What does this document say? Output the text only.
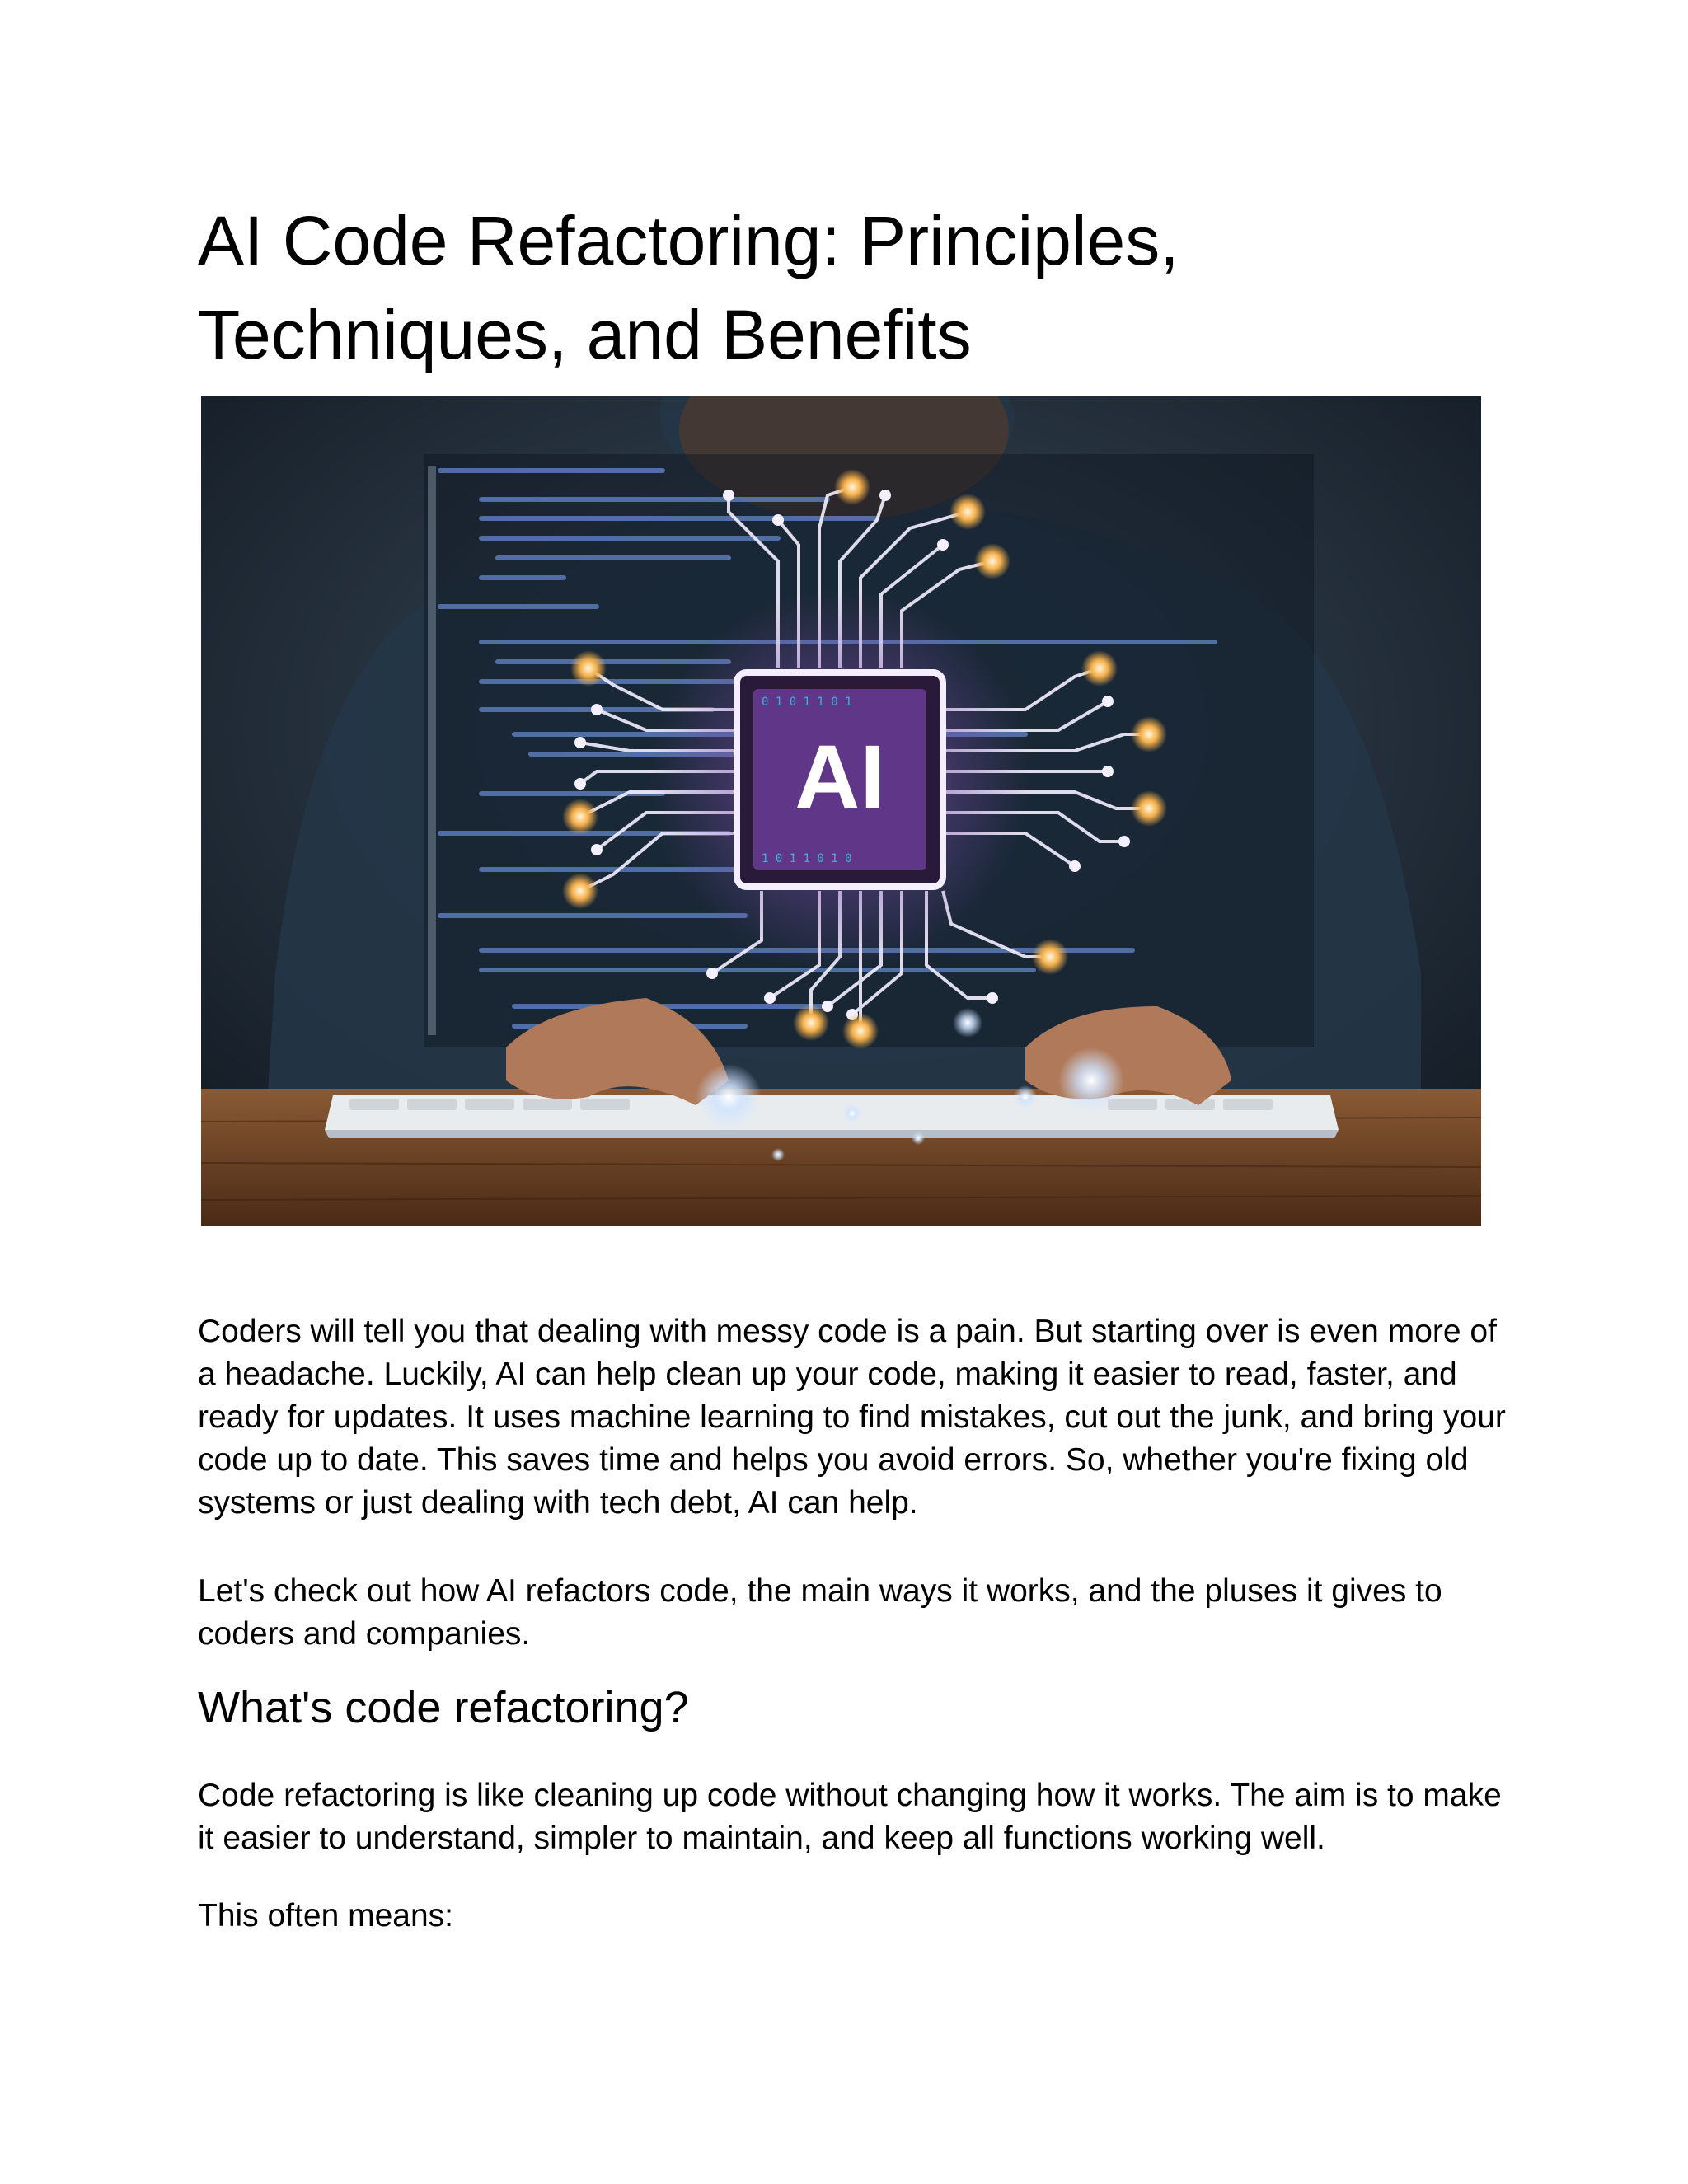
AI Code Refactoring: Principles, Techniques, and Benefits
0 1 0 1 1 0 1
1 0 1 1 0 1 0
AI

Coders will tell you that dealing with messy code is a pain. But starting over is even more of a headache. Luckily, AI can help clean up your code, making it easier to read, faster, and ready for updates. It uses machine learning to find mistakes, cut out the junk, and bring your code up to date. This saves time and helps you avoid errors. So, whether you're fixing old systems or just dealing with tech debt, AI can help.

Let's check out how AI refactors code, the main ways it works, and the pluses it gives to coders and companies.

What's code refactoring?

Code refactoring is like cleaning up code without changing how it works. The aim is to make it easier to understand, simpler to maintain, and keep all functions working well.

This often means:
